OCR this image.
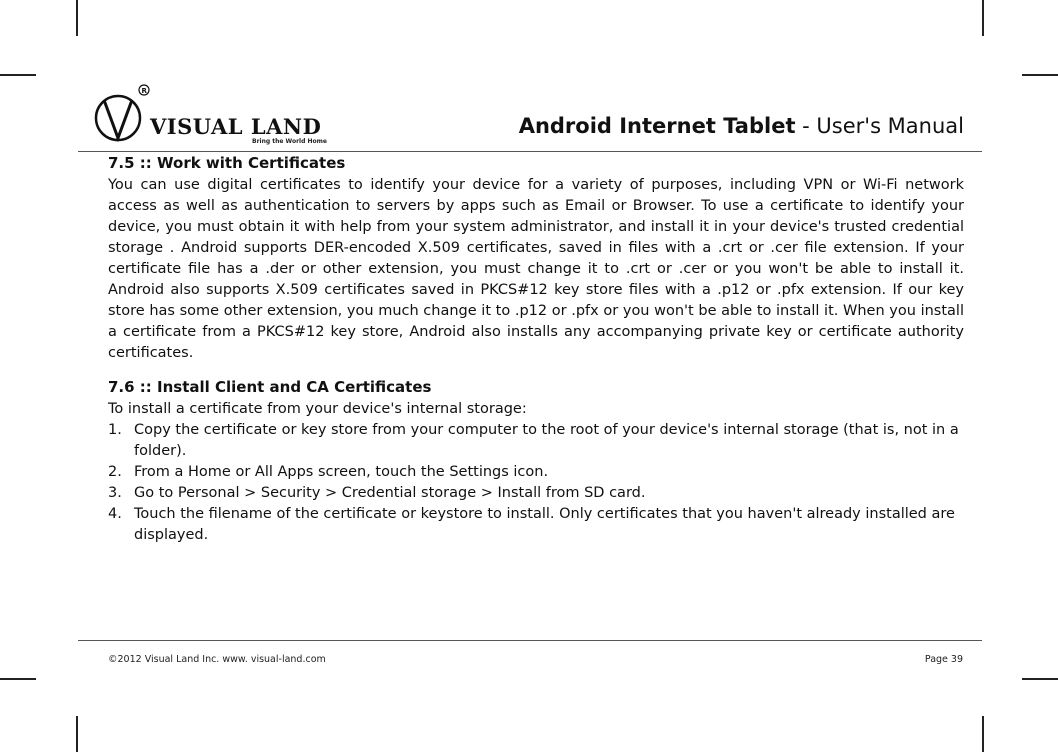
R
VISUAL LAND
Bring the World Home
Android Internet Tablet - User's Manual
7.5 :: Work with Certificates

You can use digital certificates to identify your device for a variety of purposes, including VPN or Wi-Fi network access as well as authentication to servers by apps such as Email or Browser. To use a certificate to identify your device, you must obtain it with help from your system administrator, and install it in your device's trusted credential storage . Android supports DER-encoded X.509 certificates, saved in files with a .crt or .cer file extension. If your certificate file has a .der or other extension, you must change it to .crt or .cer or you won't be able to install it. Android also supports X.509 certificates saved in PKCS#12 key store files with a .p12 or .pfx extension. If our key store has some other extension, you much change it to .p12 or .pfx or you won't be able to install it. When you install a certificate from a PKCS#12 key store, Android also installs any accompanying private key or certificate authority certificates.

7.6 :: Install Client and CA Certificates

To install a certificate from your device's internal storage:

1. Copy the certificate or key store from your computer to the root of your device's internal storage (that is, not in a folder).
2. From a Home or All Apps screen, touch the Settings icon.
3. Go to Personal > Security > Credential storage > Install from SD card.
4. Touch the filename of the certificate or keystore to install. Only certificates that you haven't already installed are displayed.
©2012 Visual Land Inc. www. visual-land.com	Page 39
